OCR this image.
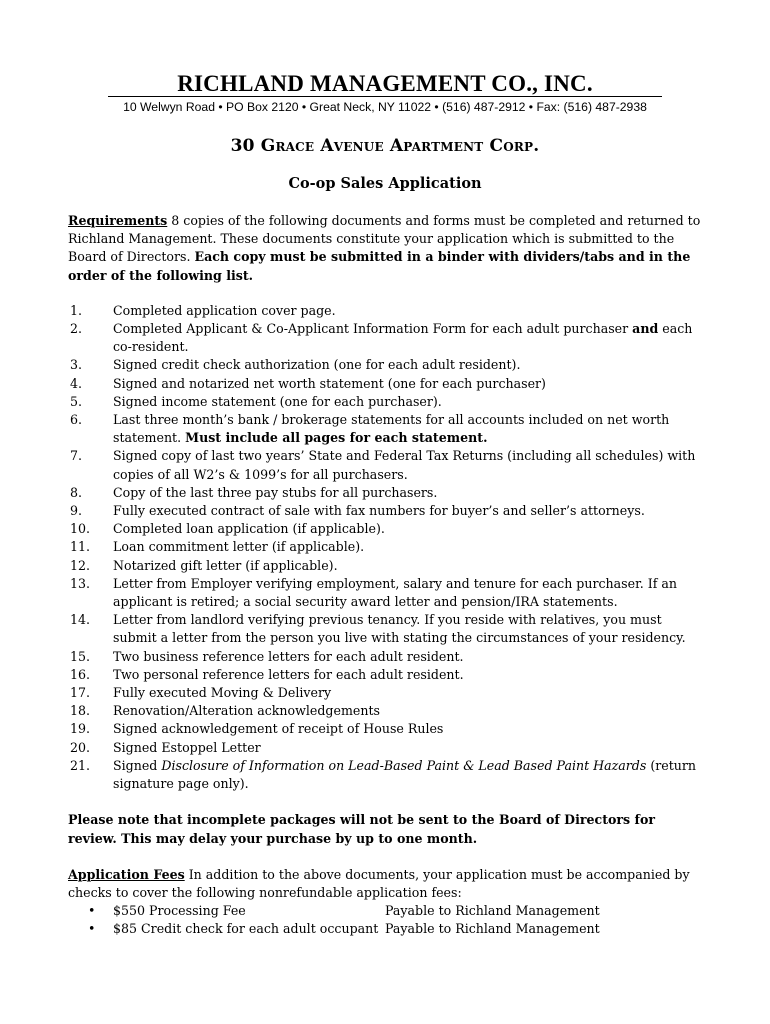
RICHLAND MANAGEMENT CO., INC.
10 Welwyn Road • PO Box 2120 • Great Neck, NY 11022 • (516) 487-2912 • Fax: (516) 487-2938
30 Grace Avenue Apartment Corp.
Co-op Sales Application

Requirements 8 copies of the following documents and forms must be completed and returned to Richland Management. These documents constitute your application which is submitted to the Board of Directors. Each copy must be submitted in a binder with dividers/tabs and in the order of the following list.

1.	Completed application cover page.
2.	Completed Applicant & Co-Applicant Information Form for each adult purchaser and each co-resident.
3.	Signed credit check authorization (one for each adult resident).
4.	Signed and notarized net worth statement (one for each purchaser)
5.	Signed income statement (one for each purchaser).
6.	Last three month’s bank / brokerage statements for all accounts included on net worth statement. Must include all pages for each statement.
7.	Signed copy of last two years’ State and Federal Tax Returns (including all schedules) with copies of all W2’s & 1099’s for all purchasers.
8.	Copy of the last three pay stubs for all purchasers.
9.	Fully executed contract of sale with fax numbers for buyer’s and seller’s attorneys.
10.	Completed loan application (if applicable).
11.	Loan commitment letter (if applicable).
12.	Notarized gift letter (if applicable).
13.	Letter from Employer verifying employment, salary and tenure for each purchaser. If an applicant is retired; a social security award letter and pension/IRA statements.
14.	Letter from landlord verifying previous tenancy. If you reside with relatives, you must submit a letter from the person you live with stating the circumstances of your residency.
15.	Two business reference letters for each adult resident.
16.	Two personal reference letters for each adult resident.
17.	Fully executed Moving & Delivery
18.	Renovation/Alteration acknowledgements
19.	Signed acknowledgement of receipt of House Rules
20.	Signed Estoppel Letter
21.	Signed Disclosure of Information on Lead-Based Paint & Lead Based Paint Hazards (return signature page only).

Please note that incomplete packages will not be sent to the Board of Directors for review. This may delay your purchase by up to one month.

Application Fees In addition to the above documents, your application must be accompanied by checks to cover the following nonrefundable application fees:

•	$550 Processing Fee	Payable to Richland Management
•	$85 Credit check for each adult occupant	Payable to Richland Management
